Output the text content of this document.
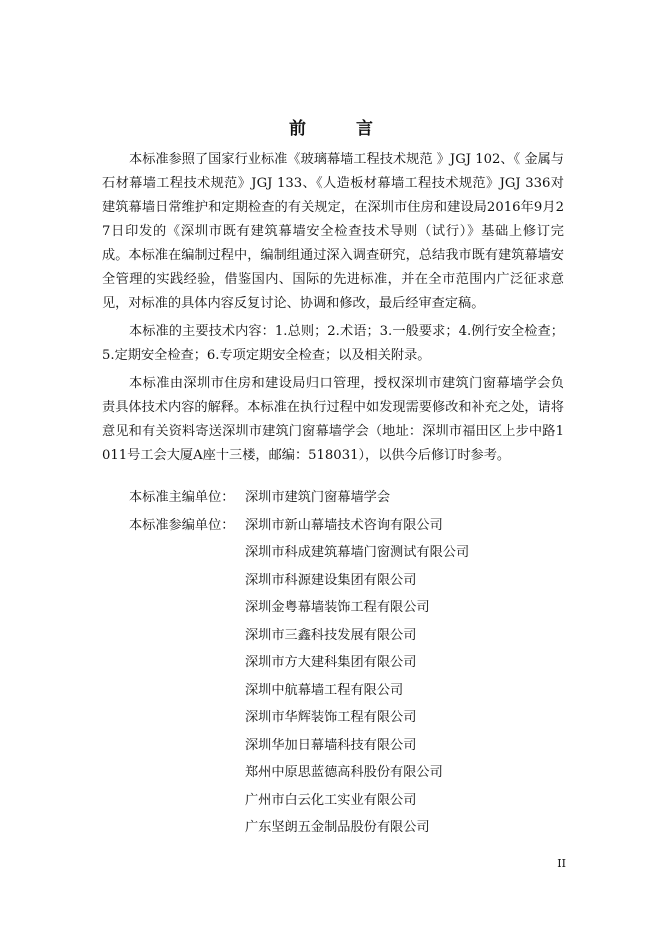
前 言

本标准参照了国家行业标准《玻璃幕墙工程技术规范 》JGJ 102、《 金属与石材幕墙工程技术规范》JGJ 133、《人造板材幕墙工程技术规范》JGJ 336对建筑幕墙日常维护和定期检查的有关规定，在深圳市住房和建设局2016年9月27日印发的《深圳市既有建筑幕墙安全检查技术导则（试行）》基础上修订完成。本标准在编制过程中，编制组通过深入调查研究，总结我市既有建筑幕墙安全管理的实践经验，借鉴国内、国际的先进标准，并在全市范围内广泛征求意见，对标准的具体内容反复讨论、协调和修改，最后经审查定稿。

本标准的主要技术内容：1.总则；2.术语；3.一般要求；4.例行安全检查；5.定期安全检查；6.专项定期安全检查；以及相关附录。

本标准由深圳市住房和建设局归口管理，授权深圳市建筑门窗幕墙学会负责具体技术内容的解释。本标准在执行过程中如发现需要修改和补充之处，请将意见和有关资料寄送深圳市建筑门窗幕墙学会（地址：深圳市福田区上步中路1011号工会大厦A座十三楼，邮编：518031），以供今后修订时参考。

本标准主编单位： 深圳市建筑门窗幕墙学会
本标准参编单位： 深圳市新山幕墙技术咨询有限公司
深圳市科成建筑幕墙门窗测试有限公司
深圳市科源建设集团有限公司
深圳金粤幕墙装饰工程有限公司
深圳市三鑫科技发展有限公司
深圳市方大建科集团有限公司
深圳中航幕墙工程有限公司
深圳市华辉装饰工程有限公司
深圳华加日幕墙科技有限公司
郑州中原思蓝德高科股份有限公司
广州市白云化工实业有限公司
广东坚朗五金制品股份有限公司
II
